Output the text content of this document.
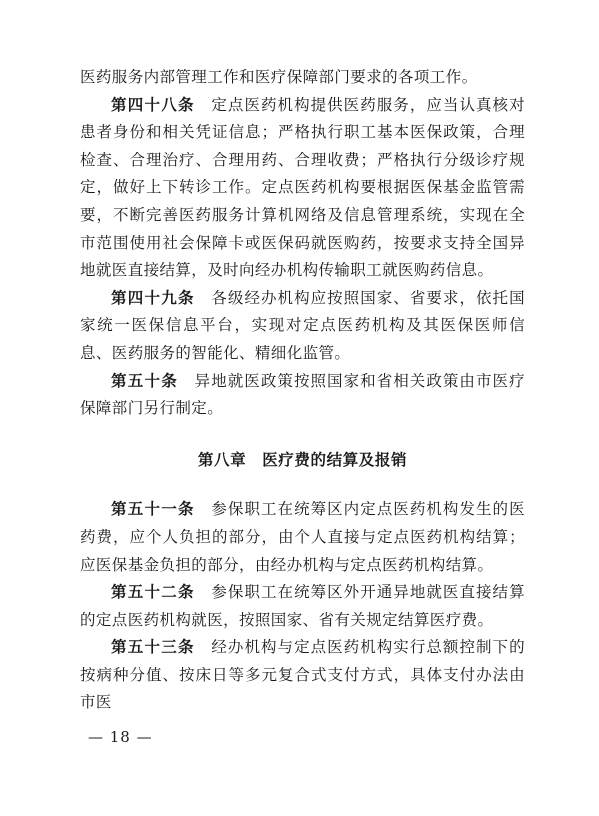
医药服务内部管理工作和医疗保障部门要求的各项工作。

第四十八条 定点医药机构提供医药服务，应当认真核对患者身份和相关凭证信息；严格执行职工基本医保政策，合理检查、合理治疗、合理用药、合理收费；严格执行分级诊疗规定，做好上下转诊工作。定点医药机构要根据医保基金监管需要，不断完善医药服务计算机网络及信息管理系统，实现在全市范围使用社会保障卡或医保码就医购药，按要求支持全国异地就医直接结算，及时向经办机构传输职工就医购药信息。

第四十九条 各级经办机构应按照国家、省要求，依托国家统一医保信息平台，实现对定点医药机构及其医保医师信息、医药服务的智能化、精细化监管。

第五十条 异地就医政策按照国家和省相关政策由市医疗保障部门另行制定。

第八章 医疗费的结算及报销

第五十一条 参保职工在统筹区内定点医药机构发生的医药费，应个人负担的部分，由个人直接与定点医药机构结算；应医保基金负担的部分，由经办机构与定点医药机构结算。

第五十二条 参保职工在统筹区外开通异地就医直接结算的定点医药机构就医，按照国家、省有关规定结算医疗费。

第五十三条 经办机构与定点医药机构实行总额控制下的按病种分值、按床日等多元复合式支付方式，具体支付办法由市医

— 18 —
